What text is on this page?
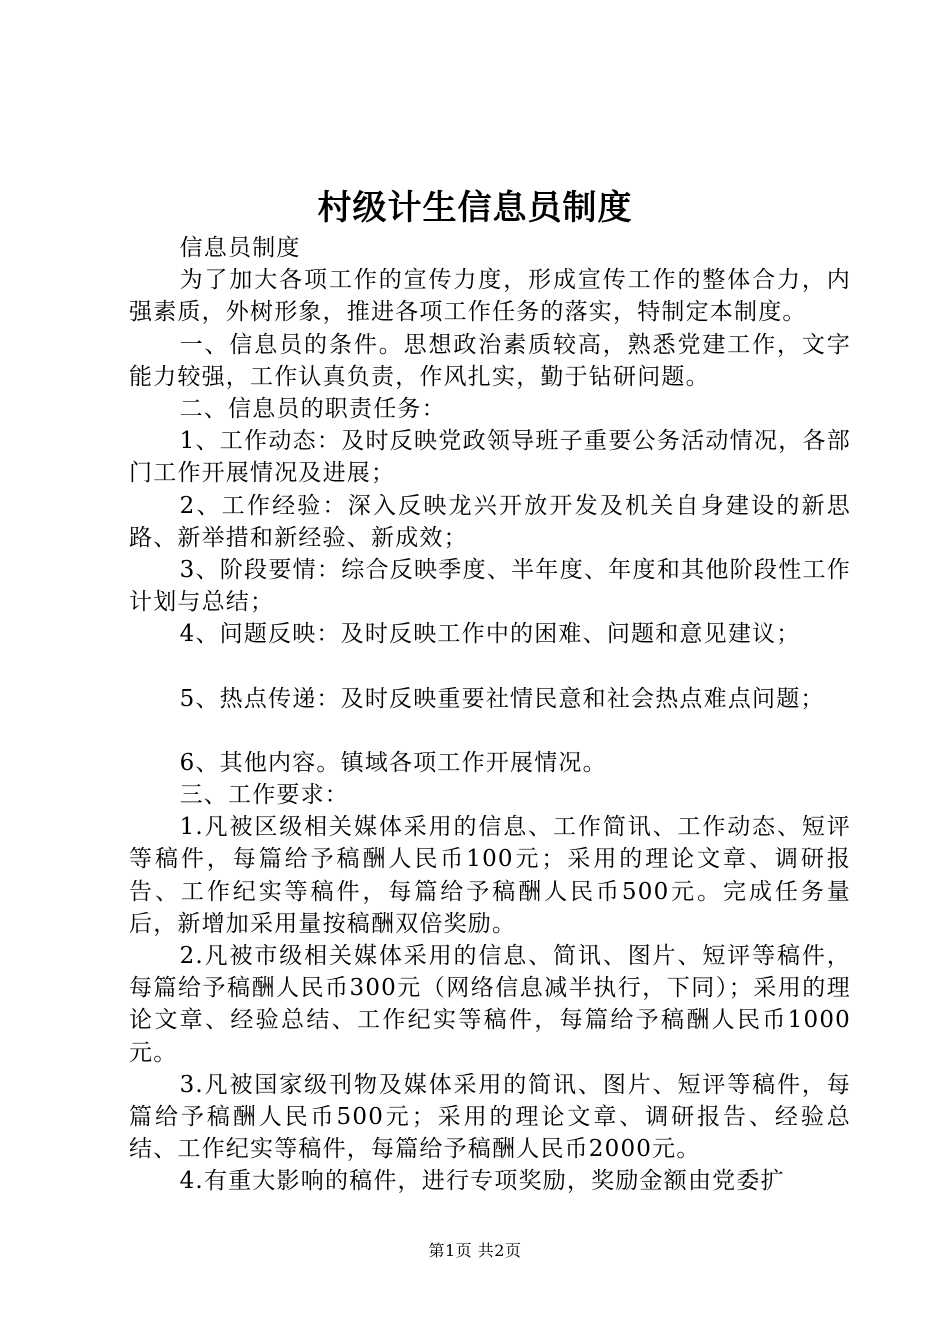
村级计生信息员制度

信息员制度

为了加大各项工作的宣传力度，形成宣传工作的整体合力，内强素质，外树形象，推进各项工作任务的落实，特制定本制度。

一、信息员的条件。思想政治素质较高，熟悉党建工作，文字能力较强，工作认真负责，作风扎实，勤于钻研问题。

二、信息员的职责任务：

1、工作动态：及时反映党政领导班子重要公务活动情况，各部门工作开展情况及进展；

2、工作经验：深入反映龙兴开放开发及机关自身建设的新思路、新举措和新经验、新成效；

3、阶段要情：综合反映季度、半年度、年度和其他阶段性工作计划与总结；

4、问题反映：及时反映工作中的困难、问题和意见建议；

5、热点传递：及时反映重要社情民意和社会热点难点问题；

6、其他内容。镇域各项工作开展情况。

三、工作要求：

1.凡被区级相关媒体采用的信息、工作简讯、工作动态、短评等稿件，每篇给予稿酬人民币100元；采用的理论文章、调研报告、工作纪实等稿件，每篇给予稿酬人民币500元。完成任务量后，新增加采用量按稿酬双倍奖励。

2.凡被市级相关媒体采用的信息、简讯、图片、短评等稿件，每篇给予稿酬人民币300元（网络信息减半执行，下同）；采用的理论文章、经验总结、工作纪实等稿件，每篇给予稿酬人民币1000元。

3.凡被国家级刊物及媒体采用的简讯、图片、短评等稿件，每篇给予稿酬人民币500元；采用的理论文章、调研报告、经验总结、工作纪实等稿件，每篇给予稿酬人民币2000元。

4.有重大影响的稿件，进行专项奖励，奖励金额由党委扩

第1页 共2页
